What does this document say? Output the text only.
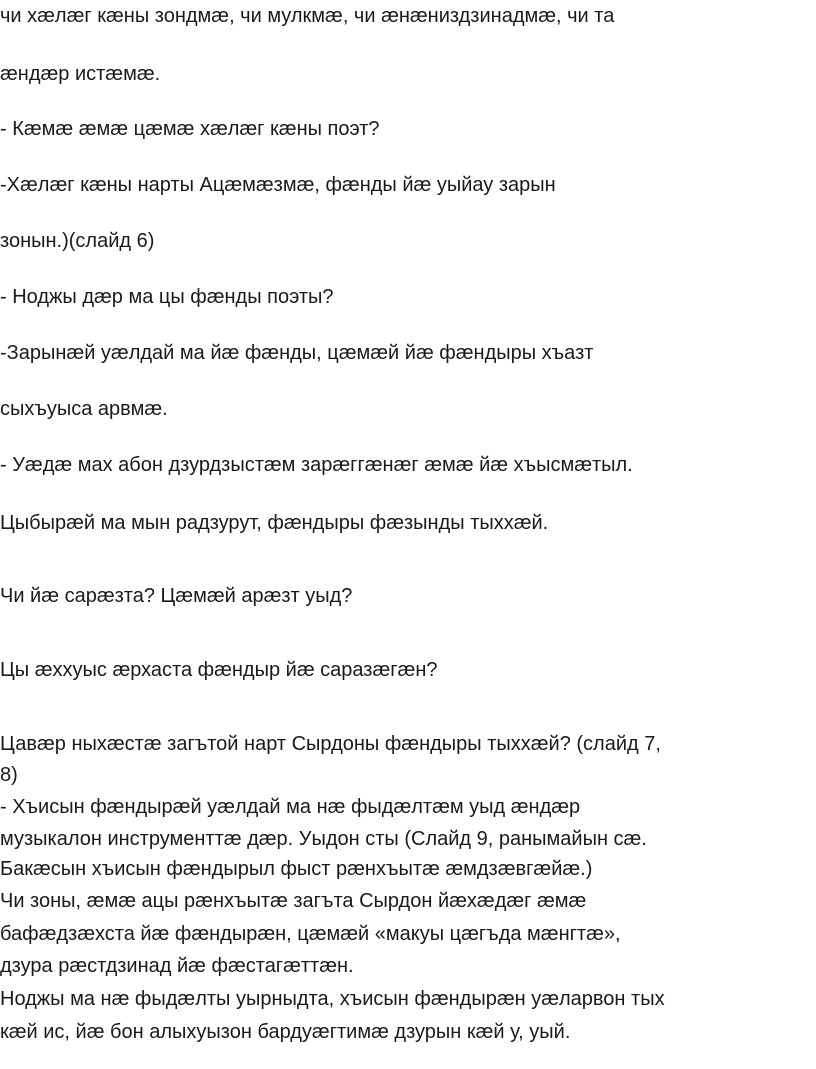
чи хæлæг кæны зондмæ, чи мулкмæ, чи æнæниздзинадмæ, чи та

æндæр истæмæ.

- Кæмæ æмæ цæмæ хæлæг кæны поэт?

-Хæлæг кæны нарты Ацæмæзмæ, фæнды йæ уыйау зарын

зонын.)(слайд 6)

- Ноджы дæр ма цы фæнды поэты?

-Зарынæй уæлдай ма йæ фæнды, цæмæй йæ фæндыры хъазт

сыхъуыса арвмæ.

- Уæдæ мах абон дзурдзыстæм зарæггæнæг æмæ йæ хъысмæтыл.

Цыбырæй ма мын радзурут, фæндыры фæзынды тыххæй.

Чи йæ сарæзта? Цæмæй арæзт уыд?

Цы æххуыс æрхаста фæндыр йæ саразæгæн?

Цавæр ныхæстæ загътой нарт Сырдоны фæндыры тыххæй? (слайд 7,

8)

- Хъисын фæндырæй уæлдай ма нæ фыдæлтæм уыд æндæр

музыкалон инструменттæ дæр. Уыдон сты (Слайд 9, ранымайын сæ.

Бакæсын хъисын фæндырыл фыст рæнхъытæ æмдзæвгæйæ.)

Чи зоны, æмæ ацы рæнхъытæ загъта Сырдон йæхæдæг æмæ

бафæдзæхста йæ фæндырæн, цæмæй «макуы цæгъда мæнгтæ»,

дзура рæстдзинад йæ фæстагæттæн.

Ноджы ма нæ фыдæлты уырныдта, хъисын фæндырæн уæларвон тых

кæй ис, йæ бон алыхуызон бардуæгтимæ дзурын кæй у, уый.
